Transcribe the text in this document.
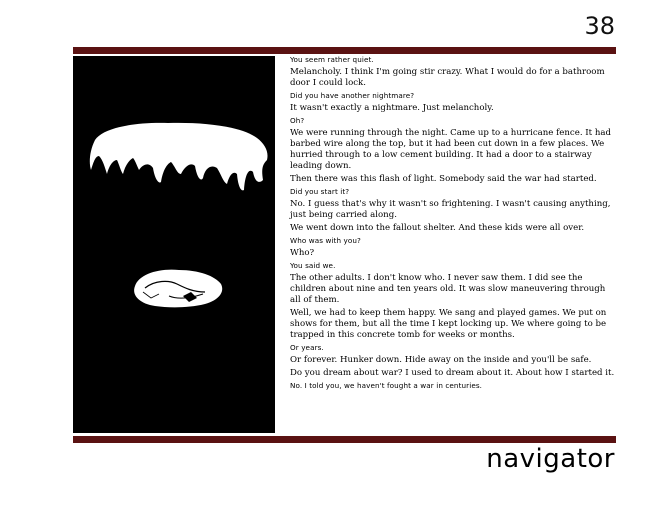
38
You seem rather quiet.
Melancholy. I think I'm going stir crazy. What I would do for a bathroom door I could lock.
Did you have another nightmare?
It wasn't exactly a nightmare. Just melancholy.
Oh?
We were running through the night. Came up to a hurricane fence. It had barbed wire along the top, but it had been cut down in a few places. We hurried through to a low cement building. It had a door to a stairway leading down.
Then there was this flash of light. Somebody said the war had started.
Did you start it?
No. I guess that's why it wasn't so frightening. I wasn't causing anything, just being carried along.
We went down into the fallout shelter. And these kids were all over.
Who was with you?
Who?
You said we.
The other adults. I don't know who. I never saw them. I did see the children about nine and ten years old. It was slow maneuvering through all of them.
Well, we had to keep them happy. We sang and played games. We put on shows for them, but all the time I kept locking up. We where going to be trapped in this concrete tomb for weeks or months.
Or years.
Or forever. Hunker down. Hide away on the inside and you'll be safe.
Do you dream about war? I used to dream about it. About how I started it.
No. I told you, we haven't fought a war in centuries.
navigator
